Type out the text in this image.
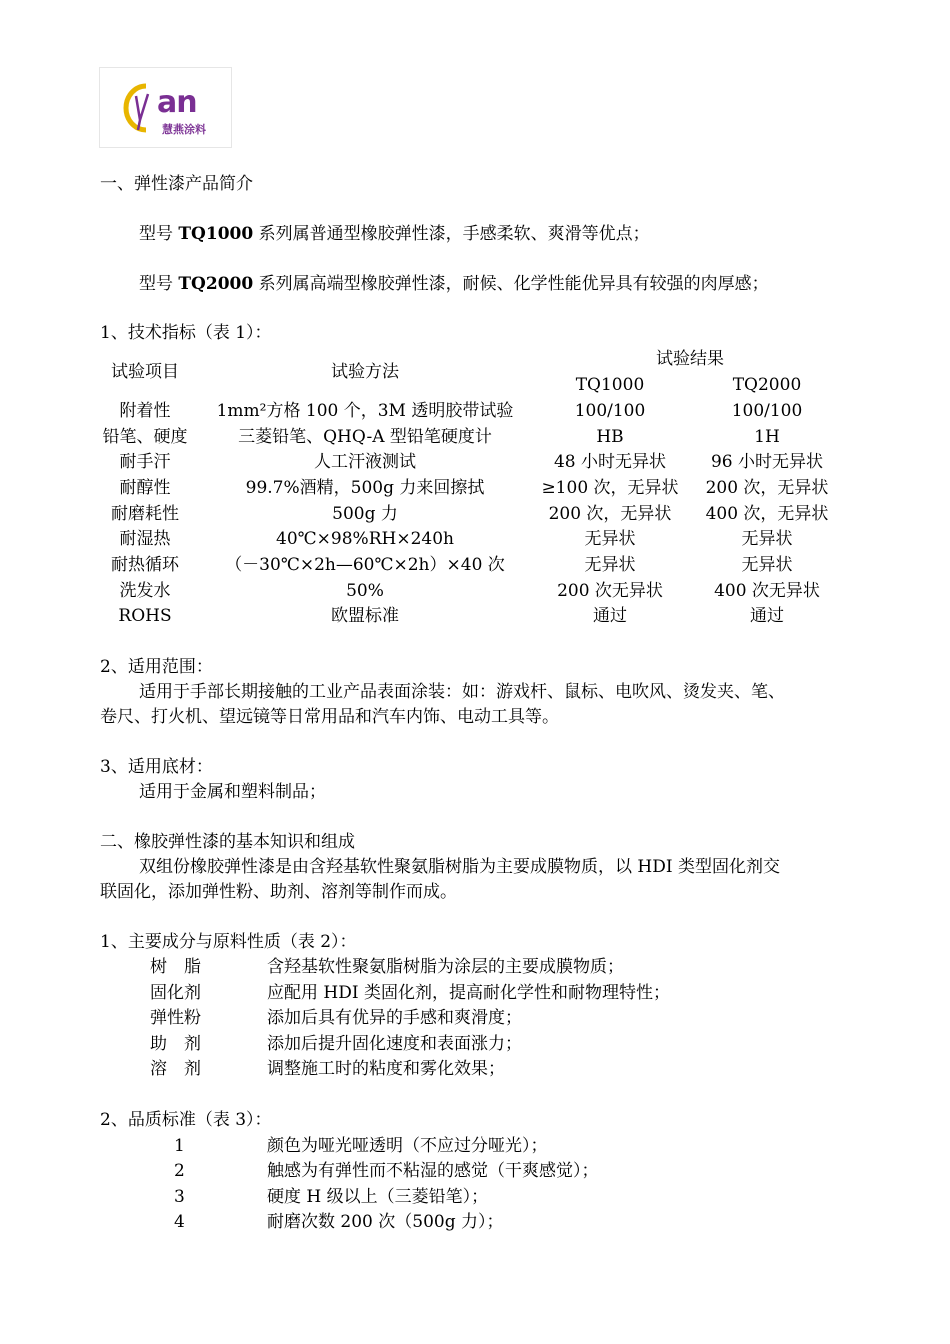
an
慧燕涂料
一、弹性漆产品简介
型号 TQ1000 系列属普通型橡胶弹性漆，手感柔软、爽滑等优点；
型号 TQ2000 系列属高端型橡胶弹性漆，耐候、化学性能优异具有较强的肉厚感；
1、技术指标（表 1）：
试验项目	试验方法
试验结果
TQ1000	TQ2000
附着性	1mm²方格 100 个，3M 透明胶带试验	100/100	100/100
铅笔、硬度	三菱铅笔、QHQ-A 型铅笔硬度计	HB	1H
耐手汗	人工汗液测试	48 小时无异状	96 小时无异状
耐醇性	99.7%酒精，500g 力来回擦拭	≥100 次，无异状	200 次，无异状
耐磨耗性	500g 力	200 次，无异状	400 次，无异状
耐湿热	40℃×98%RH×240h	无异状	无异状
耐热循环	（－30℃×2h—60℃×2h）×40 次	无异状	无异状
洗发水	50%	200 次无异状	400 次无异状
ROHS	欧盟标准	通过	通过
2、适用范围：
适用于手部长期接触的工业产品表面涂装：如：游戏杆、鼠标、电吹风、烫发夹、笔、
卷尺、打火机、望远镜等日常用品和汽车内饰、电动工具等。
3、适用底材：
适用于金属和塑料制品；
二、橡胶弹性漆的基本知识和组成
双组份橡胶弹性漆是由含羟基软性聚氨脂树脂为主要成膜物质，以 HDI 类型固化剂交
联固化，添加弹性粉、助剂、溶剂等制作而成。
1、主要成分与原料性质（表 2）：
树　脂	含羟基软性聚氨脂树脂为涂层的主要成膜物质；
固化剂	应配用 HDI 类固化剂，提高耐化学性和耐物理特性；
弹性粉	添加后具有优异的手感和爽滑度；
助　剂	添加后提升固化速度和表面涨力；
溶　剂	调整施工时的粘度和雾化效果；
2、品质标准（表 3）：
1	颜色为哑光哑透明（不应过分哑光）；
2	触感为有弹性而不粘湿的感觉（干爽感觉）；
3	硬度 H 级以上（三菱铅笔）；
4	耐磨次数 200 次（500g 力）；
